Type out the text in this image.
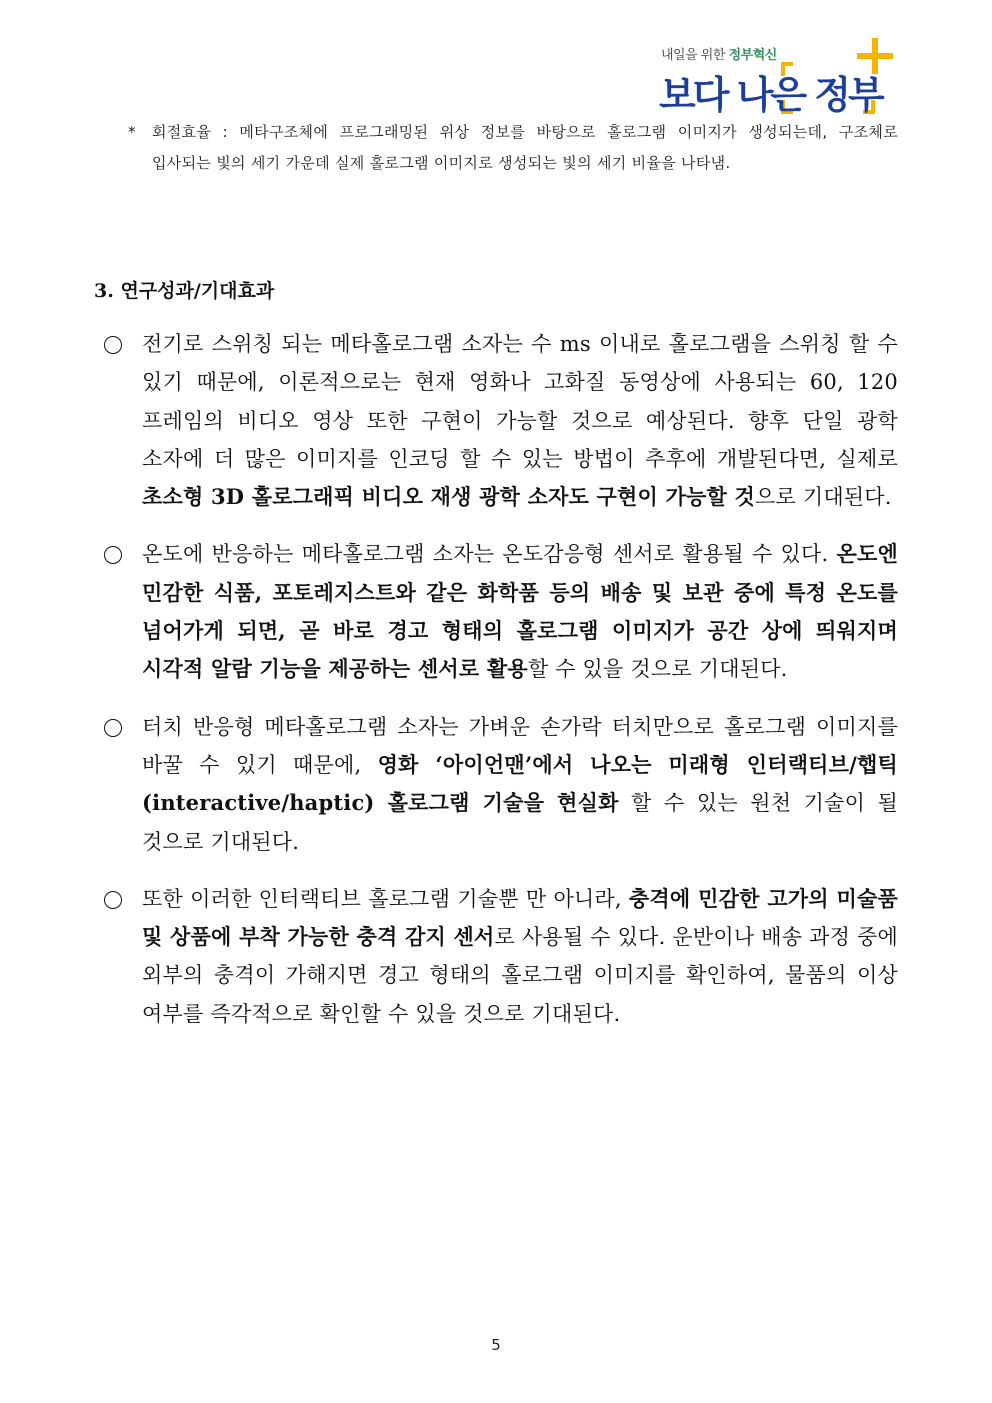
내일을 위한 정부혁신
보다 나은 정부
*	회절효율 : 메타구조체에 프로그래밍된 위상 정보를 바탕으로 홀로그램 이미지가 생성되는데, 구조체로 입사되는 빛의 세기 가운데 실제 홀로그램 이미지로 생성되는 빛의 세기 비율을 나타냄.
3. 연구성과/기대효과
전기로 스위칭 되는 메타홀로그램 소자는 수 ms 이내로 홀로그램을 스위칭 할 수 있기 때문에, 이론적으로는 현재 영화나 고화질 동영상에 사용되는 60, 120 프레임의 비디오 영상 또한 구현이 가능할 것으로 예상된다. 향후 단일 광학 소자에 더 많은 이미지를 인코딩 할 수 있는 방법이 추후에 개발된다면, 실제로 초소형 3D 홀로그래픽 비디오 재생 광학 소자도 구현이 가능할 것으로 기대된다.
온도에 반응하는 메타홀로그램 소자는 온도감응형 센서로 활용될 수 있다. 온도엔 민감한 식품, 포토레지스트와 같은 화학품 등의 배송 및 보관 중에 특정 온도를 넘어가게 되면, 곧 바로 경고 형태의 홀로그램 이미지가 공간 상에 띄워지며 시각적 알람 기능을 제공하는 센서로 활용할 수 있을 것으로 기대된다.
터치 반응형 메타홀로그램 소자는 가벼운 손가락 터치만으로 홀로그램 이미지를 바꿀 수 있기 때문에, 영화 ‘아이언맨’에서 나오는 미래형 인터랙티브/햅틱(interactive/haptic) 홀로그램 기술을 현실화 할 수 있는 원천 기술이 될 것으로 기대된다.
또한 이러한 인터랙티브 홀로그램 기술뿐 만 아니라, 충격에 민감한 고가의 미술품 및 상품에 부착 가능한 충격 감지 센서로 사용될 수 있다. 운반이나 배송 과정 중에 외부의 충격이 가해지면 경고 형태의 홀로그램 이미지를 확인하여, 물품의 이상 여부를 즉각적으로 확인할 수 있을 것으로 기대된다.
5
